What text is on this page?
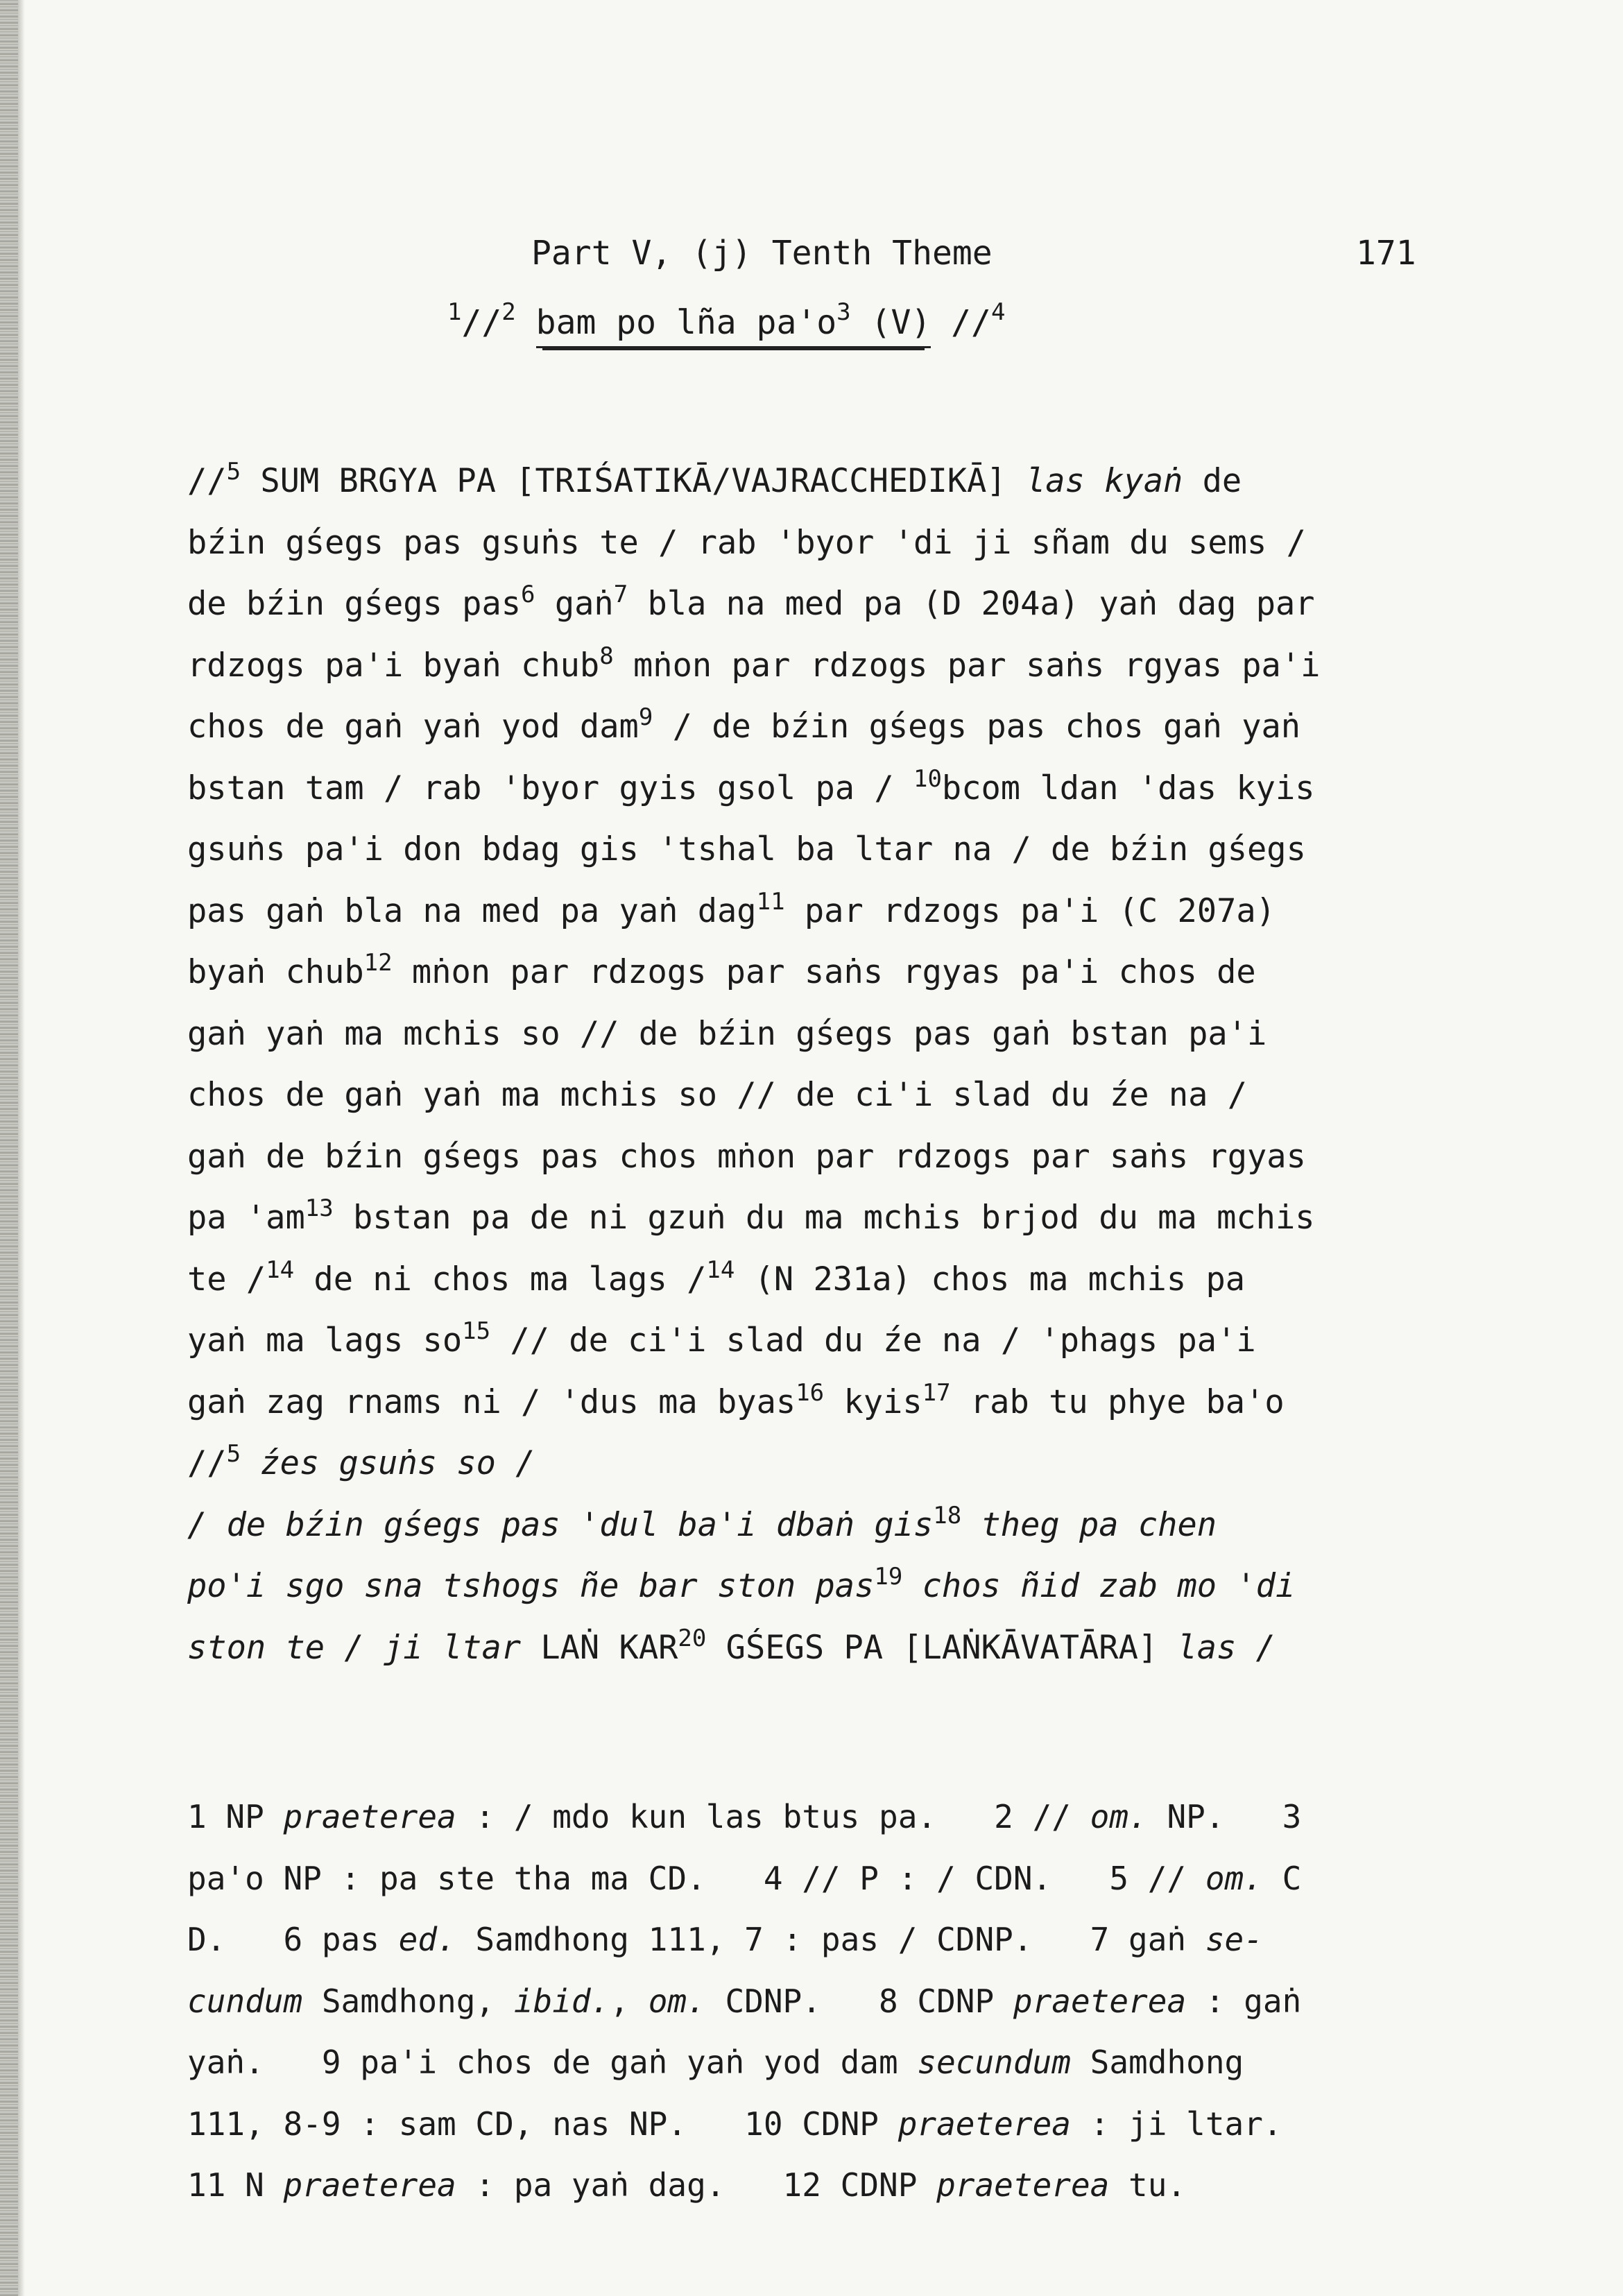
Part V, (j) Tenth Theme	171
$^1$//$^2$ bam po lña $pa'o^3$ (V) //$^4$
//$^5$ SUM BRGYA PA [TRIŚATIKĀ/VAJRACCHEDIKĀ] las kyaṅ de
bźin gśegs pas gsuṅs te / rab 'byor 'di ji sñam du sems /
de bźin gśegs pas$^6$ gaṅ$^7$ bla na med pa (D 204a) yaṅ dag par
rdzogs pa'i byaṅ chub$^8$ mṅon par rdzogs par saṅs rgyas pa'i
chos de gaṅ yaṅ yod dam$^9$ / de bźin gśegs pas chos gaṅ yaṅ
bstan tam / rab 'byor gyis gsol pa / $^{10}$bcom ldan 'das kyis
gsuṅs pa'i don bdag gis 'tshal ba ltar na / de bźin gśegs
pas gaṅ bla na med pa yaṅ dag$^{11}$ par rdzogs pa'i (C 207a)
byaṅ chub$^{12}$ mṅon par rdzogs par saṅs rgyas pa'i chos de
gaṅ yaṅ ma mchis so // de bźin gśegs pas gaṅ bstan pa'i
chos de gaṅ yaṅ ma mchis so // de ci'i slad du źe na /
gaṅ de bźin gśegs pas chos mṅon par rdzogs par saṅs rgyas
pa '$am^{13}$ bstan pa de ni gzuṅ du ma mchis brjod du ma mchis
te /$^{14}$ de ni chos ma lags /$^{14}$ (N 231a) chos ma mchis pa
yaṅ ma lags $so^{15}$ // de ci'i slad du źe na / 'phags pa'i
gaṅ zag rnams ni / 'dus ma byas$^{16}$ kyis$^{17}$ rab tu phye ba'o
//$^5$ źes gsuṅs so /
/ de bźin gśegs pas 'dul ba'i dbaṅ gis$^{18}$ theg pa chen
po'i sgo sna tshogs ñe bar ston pas$^{19}$ chos ñid zab mo 'di
ston te / ji ltar LAṄ KAR$^{20}$ GŚEGS PA [LAṄKĀVATĀRA] las /
1 NP praeterea : / mdo kun las btus pa.   2 // om. NP.   3
pa'o NP : pa ste tha ma CD.   4 // P : / CDN.   5 // om. C
D.   6 pas ed. Samdhong 111, 7 : pas / CDNP.   7 gaṅ se-
cundum Samdhong, ibid., om. CDNP.   8 CDNP praeterea : gaṅ
yaṅ.   9 pa'i chos de gaṅ yaṅ yod dam secundum Samdhong
111, 8-9 : sam CD, nas NP.   10 CDNP praeterea : ji ltar.
11 N praeterea : pa yaṅ dag.   12 CDNP praeterea tu.
